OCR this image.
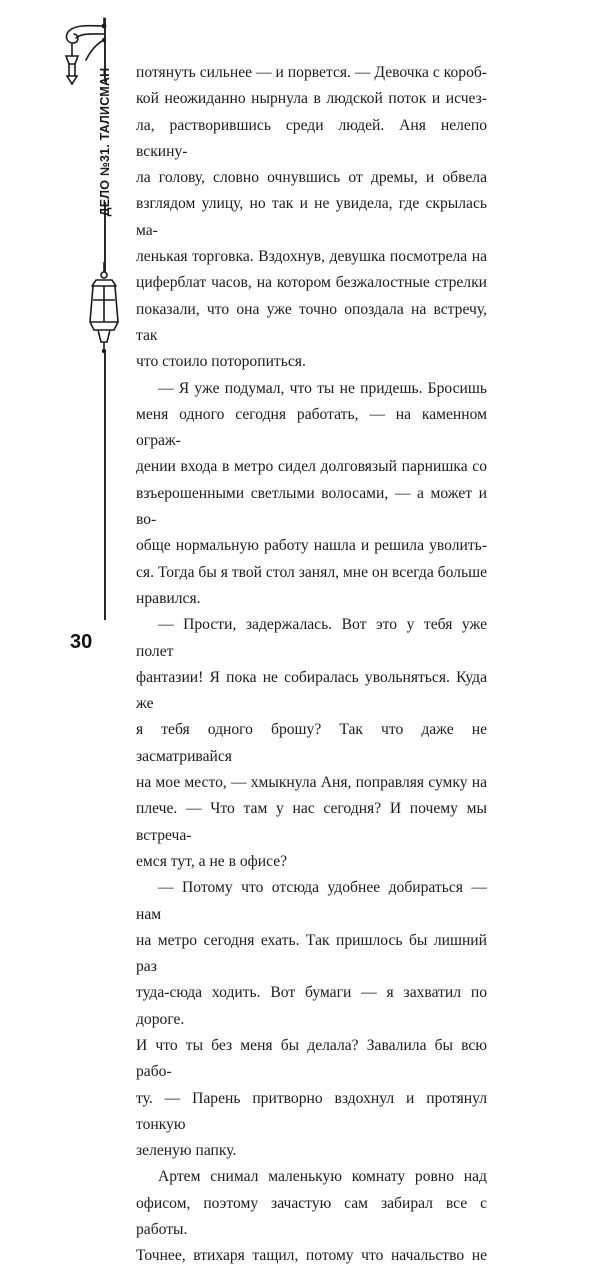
ДЕЛО №31. ТАЛИСМАН
30

потянуть сильнее — и порвется. — Девочка с короб-

кой неожиданно нырнула в людской поток и исчез-

ла, растворившись среди людей. Аня нелепо вскину-

ла голову, словно очнувшись от дремы, и обвела

взглядом улицу, но так и не увидела, где скрылась ма-

ленькая торговка. Вздохнув, девушка посмотрела на

циферблат часов, на котором безжалостные стрелки

показали, что она уже точно опоздала на встречу, так

что стоило поторопиться.

— Я уже подумал, что ты не придешь. Бросишь

меня одного сегодня работать, — на каменном ограж-

дении входа в метро сидел долговязый парнишка со

взъерошенными светлыми волосами, — а может и во-

обще нормальную работу нашла и решила уволить-

ся. Тогда бы я твой стол занял, мне он всегда больше

нравился.

— Прости, задержалась. Вот это у тебя уже полет

фантазии! Я пока не собиралась увольняться. Куда же

я тебя одного брошу? Так что даже не засматривайся

на мое место, — хмыкнула Аня, поправляя сумку на

плече. — Что там у нас сегодня? И почему мы встреча-

емся тут, а не в офисе?

— Потому что отсюда удобнее добираться — нам

на метро сегодня ехать. Так пришлось бы лишний раз

туда-сюда ходить. Вот бумаги — я захватил по дороге.

И что ты без меня бы делала? Завалила бы всю рабо-

ту. — Парень притворно вздохнул и протянул тонкую

зеленую папку.

Артем снимал маленькую комнату ровно над

офисом, поэтому зачастую сам забирал все с работы.

Точнее, втихаря тащил, потому что начальство не
